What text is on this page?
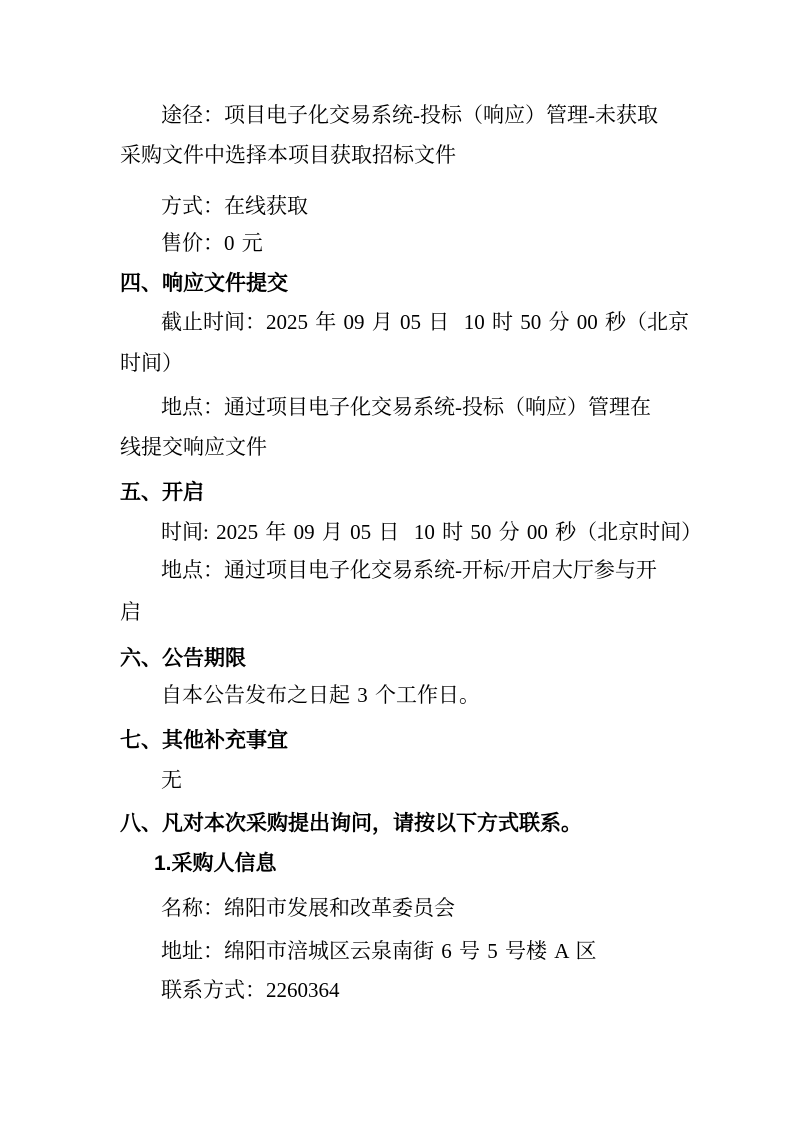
途径：项目电子化交易系统-投标（响应）管理-未获取
采购文件中选择本项目获取招标文件
方式：在线获取
售价：0 元
四、响应文件提交
截止时间：2025 年 09 月 05 日  10 时 50 分 00 秒（北京
时间）
地点：通过项目电子化交易系统-投标（响应）管理在
线提交响应文件
五、开启
时间: 2025 年 09 月 05 日  10 时 50 分 00 秒（北京时间）
地点：通过项目电子化交易系统-开标/开启大厅参与开
启
六、公告期限
自本公告发布之日起 3 个工作日。
七、其他补充事宜
无
八、凡对本次采购提出询问，请按以下方式联系。
1.采购人信息
名称：绵阳市发展和改革委员会
地址：绵阳市涪城区云泉南街 6 号 5 号楼 A 区
联系方式：2260364
